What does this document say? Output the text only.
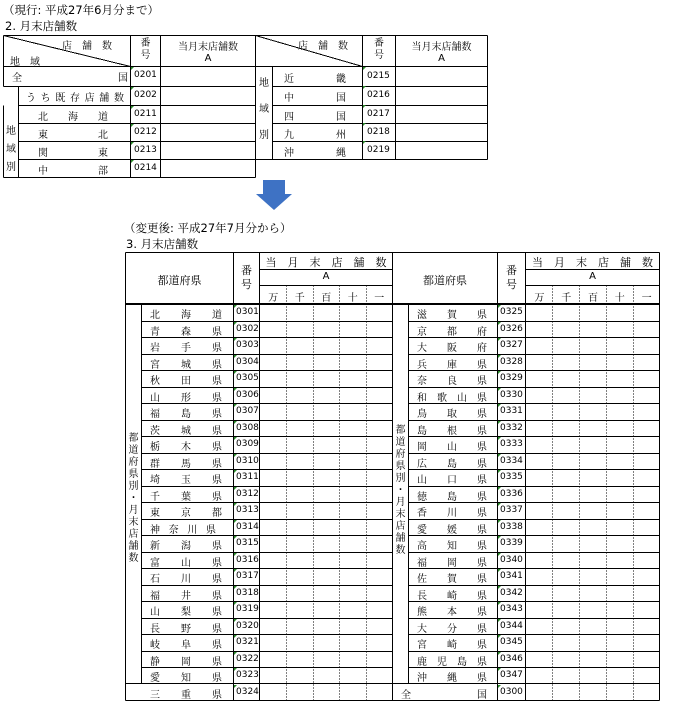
（現行: 平成27年6月分まで）
2. 月末店舗数
店　舗　数
地　域
番
号
当月末店舗数
A
全	国 0201
う ち 既 存 店 舗 数 0202
北 海 道	0211
東	北	0212
関	東	0213
中	部	0214
地
域
別
店　舗　数	番
号
当月末店舗数
A
近	畿 0215
中	国 0216
四	国 0217
九	州 0218
沖	縄 0219
地
域
別
（変更後: 平成27年7月分から）
3. 月末店舗数
都道府県
番
号
当　月　末　店　舗　数
A
万	千	百	十	一
都道府県
番
号
当　月　末　店　舗　数
A
万	千	百	十	一
都
道
府
県
別
・
月
末
店
舗
数
都
道
府
県
別
・
月
末
店
舗
数
北 海 道 0301
青 森 県 0302
岩 手 県 0303
宮 城 県 0304
秋 田 県 0305
山 形 県 0306
福 島 県 0307
茨 城 県 0308
栃 木 県 0309
群 馬 県 0310
埼 玉 県 0311
千 葉 県 0312
東 京 都 0313
神 奈 川 県 0314
新 潟 県 0315
富 山 県 0316
石 川 県 0317
福 井 県 0318
山 梨 県 0319
長 野 県 0320
岐 阜 県 0321
静 岡 県 0322
愛 知 県 0323
三 重 県 0324
滋 賀 県 0325
京 都 府 0326
大 阪 府 0327
兵 庫 県 0328
奈 良 県 0329
和 歌 山 県 0330
鳥 取 県 0331
島 根 県 0332
岡 山 県 0333
広 島 県 0334
山 口 県 0335
徳 島 県 0336
香 川 県 0337
愛 媛 県 0338
高 知 県 0339
福 岡 県 0340
佐 賀 県 0341
長 崎 県 0342
熊 本 県 0343
大 分 県 0344
宮 崎 県 0345
鹿 児 島 県 0346
沖 縄 県 0347
全	国 0300
